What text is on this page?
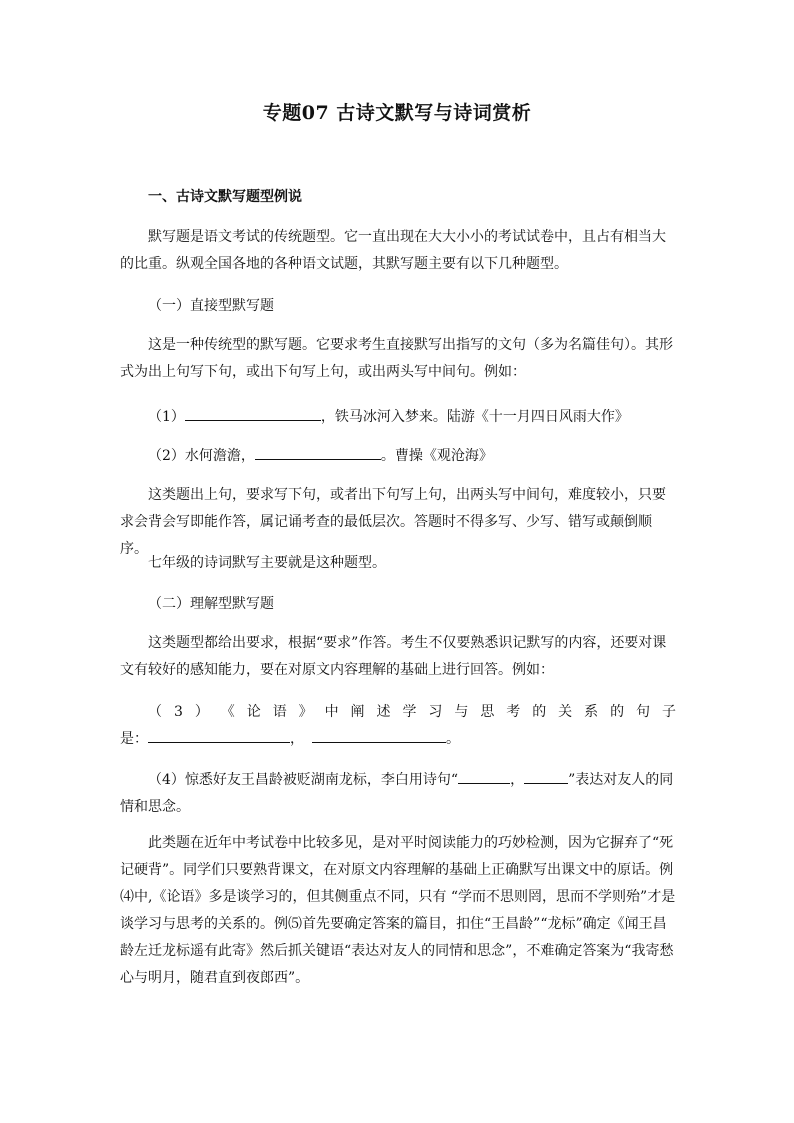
专题07 古诗文默写与诗词赏析
一、古诗文默写题型例说
默写题是语文考试的传统题型。它一直出现在大大小小的考试试卷中，且占有相当大的比重。纵观全国各地的各种语文试题，其默写题主要有以下几种题型。
（一）直接型默写题
这是一种传统型的默写题。它要求考生直接默写出指写的文句（多为名篇佳句）。其形式为出上句写下句，或出下句写上句，或出两头写中间句。例如：
（1）	，铁马冰河入梦来。陆游《十一月四日风雨大作》
（2）水何澹澹，	。曹操《观沧海》
这类题出上句，要求写下句，或者出下句写上句，出两头写中间句，难度较小，只要求会背会写即能作答，属记诵考查的最低层次。答题时不得多写、少写、错写或颠倒顺序。
七年级的诗词默写主要就是这种题型。
（二）理解型默写题
这类题型都给出要求，根据“要求”作答。考生不仅要熟悉识记默写的内容，还要对课文有较好的感知能力，要在对原文内容理解的基础上进行回答。例如：
（ 3 ） 《 论 语 》 中 阐 述 学 习 与 思 考 的 关 系 的 句 子
是：	，	。
（4）惊悉好友王昌龄被贬湖南龙标，李白用诗句“	，	”表达对友人的同情和思念。
此类题在近年中考试卷中比较多见，是对平时阅读能力的巧妙检测，因为它摒弃了“死记硬背”。同学们只要熟背课文，在对原文内容理解的基础上正确默写出课文中的原话。例⑷中,《论语》多是谈学习的，但其侧重点不同，只有 “学而不思则罔，思而不学则殆”才是谈学习与思考的关系的。例⑸首先要确定答案的篇目，扣住“王昌龄”“龙标”确定《闻王昌龄左迁龙标遥有此寄》然后抓关键语“表达对友人的同情和思念”，不难确定答案为“我寄愁心与明月，随君直到夜郎西”。
